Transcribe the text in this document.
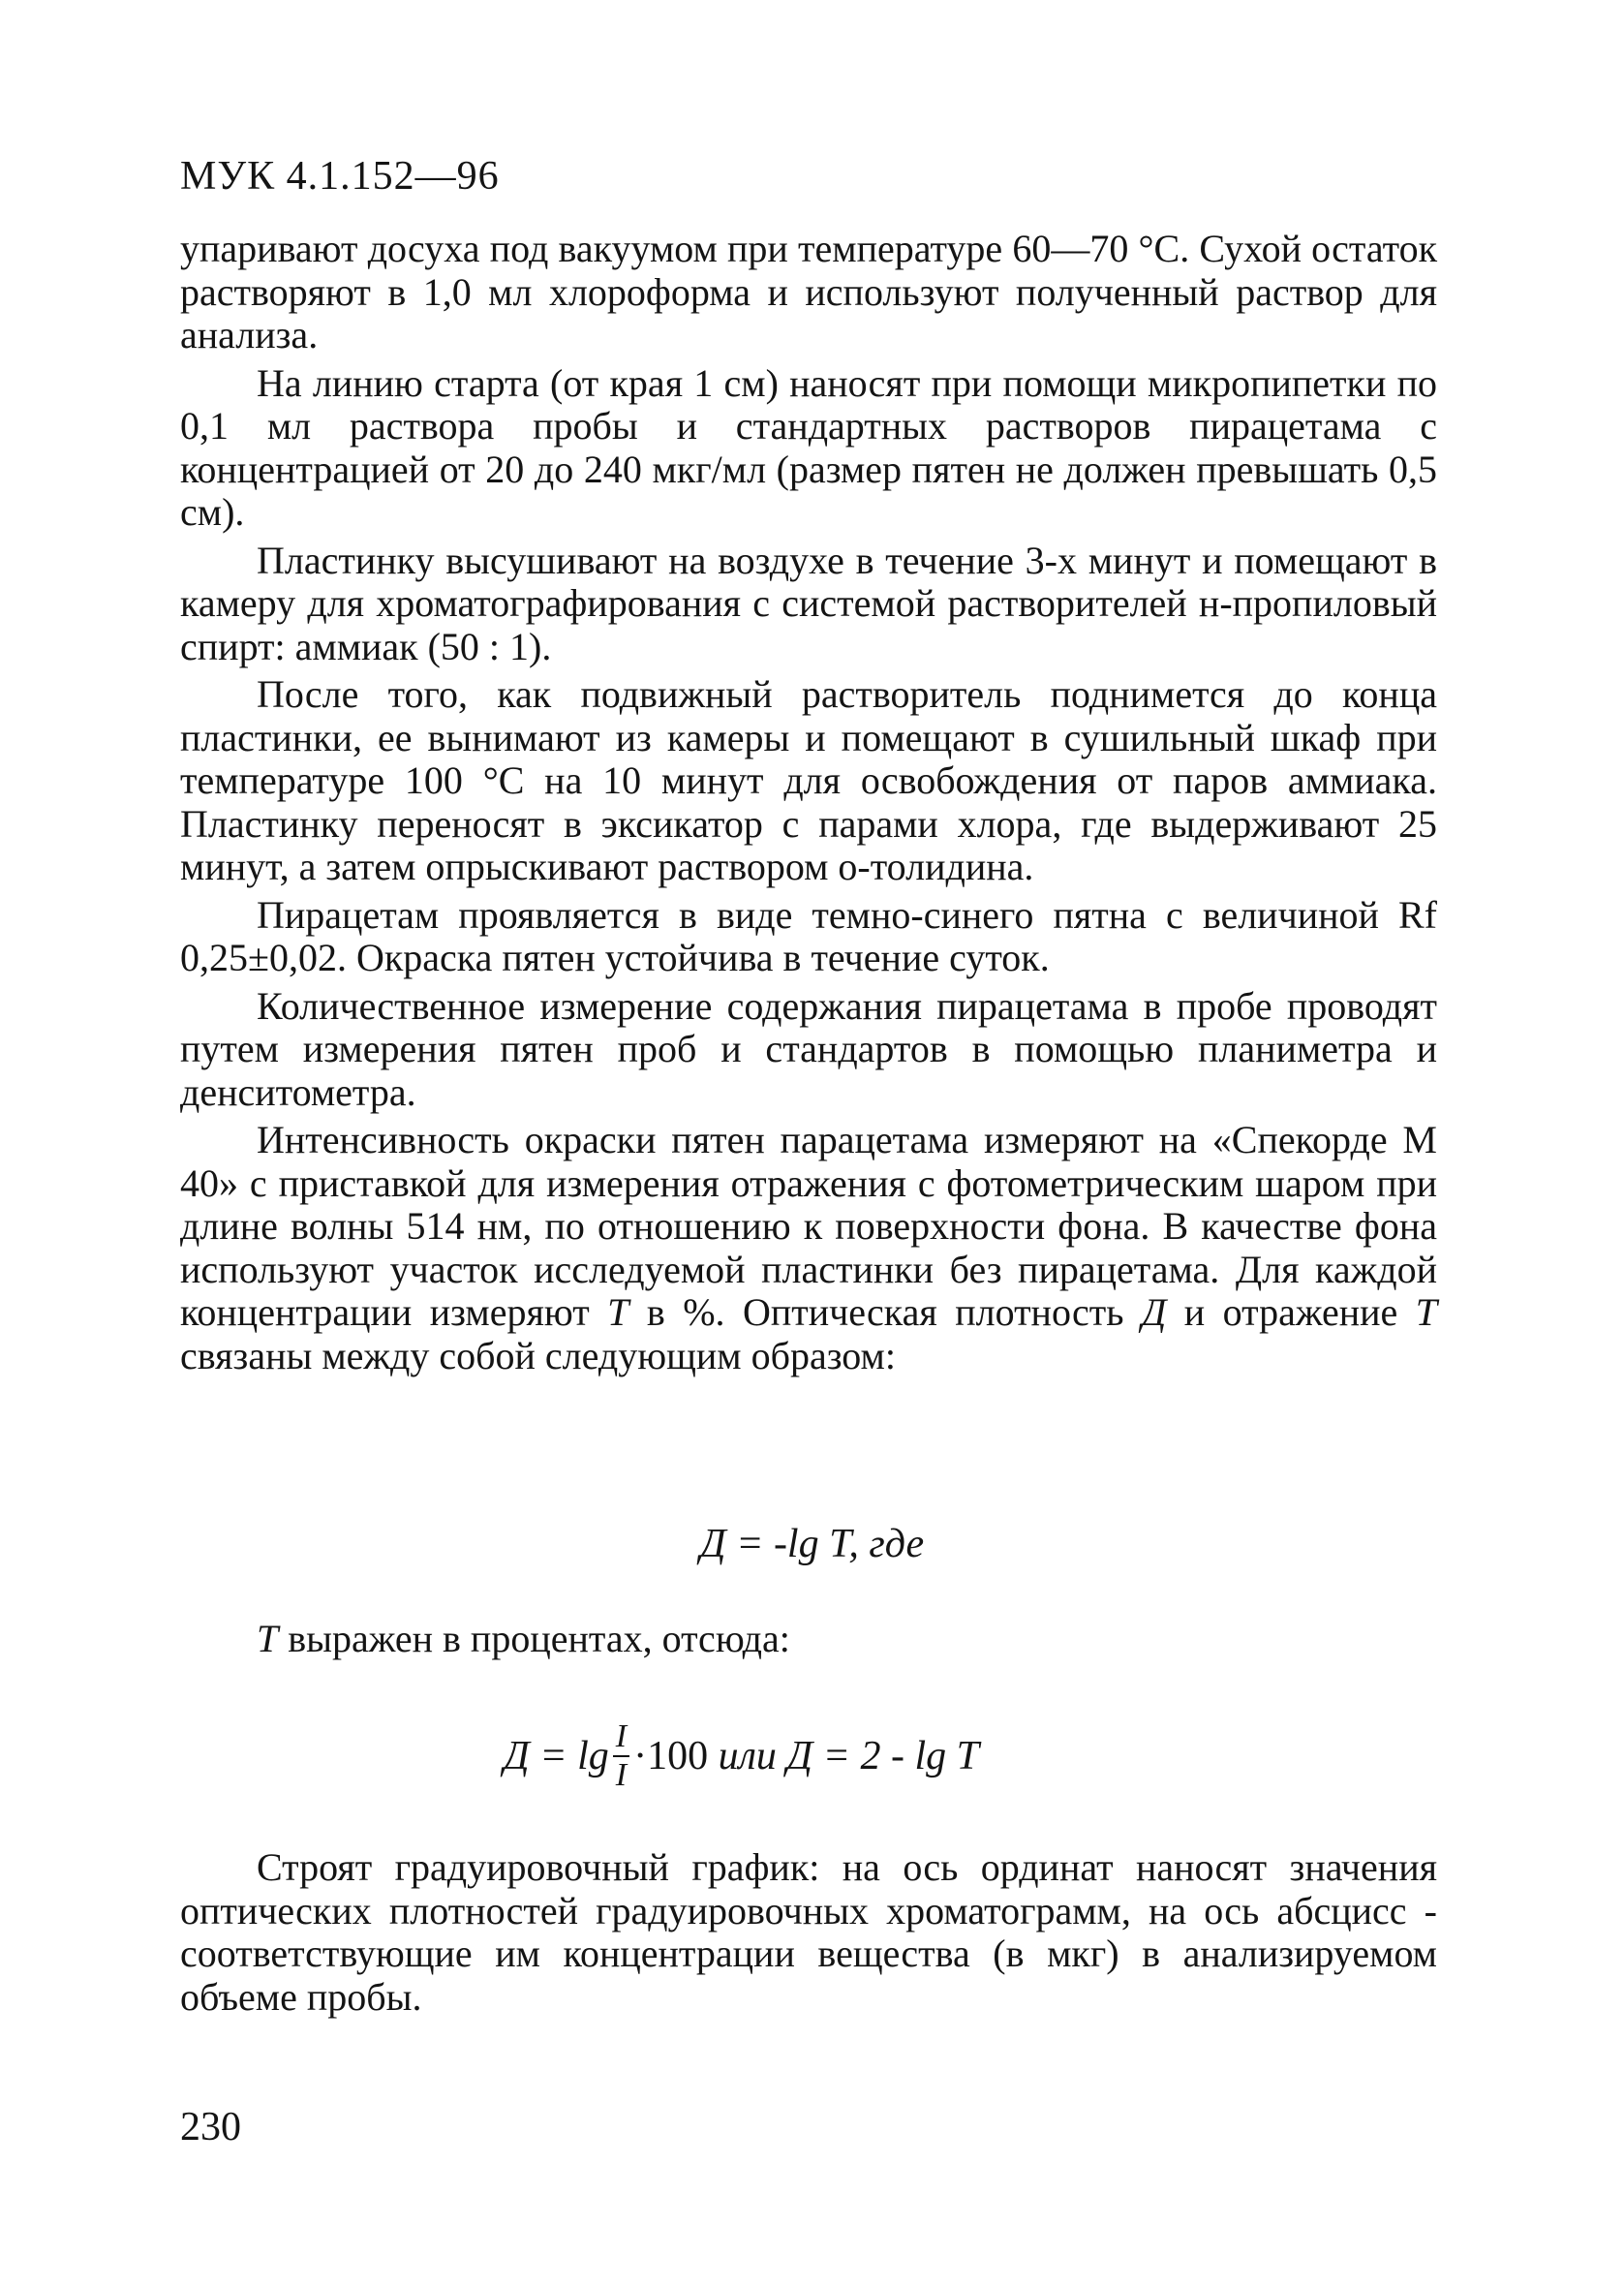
МУК 4.1.152—96

упаривают досуха под вакуумом при температуре 60—70 °С. Сухой остаток растворяют в 1,0 мл хлороформа и используют полученный раствор для анализа.

На линию старта (от края 1 см) наносят при помощи микропипетки по 0,1 мл раствора пробы и стандартных растворов пирацетама с концентрацией от 20 до 240 мкг/мл (размер пятен не должен превышать 0,5 см).

Пластинку высушивают на воздухе в течение 3-х минут и помещают в камеру для хроматографирования с системой растворителей н-пропиловый спирт: аммиак (50 : 1).

После того, как подвижный растворитель поднимется до конца пластинки, ее вынимают из камеры и помещают в сушильный шкаф при температуре 100 °С на 10 минут для освобождения от паров аммиака. Пластинку переносят в эксикатор с парами хлора, где выдерживают 25 минут, а затем опрыскивают раствором о-толидина.

Пирацетам проявляется в виде темно-синего пятна с величиной Rf 0,25±0,02. Окраска пятен устойчива в течение суток.

Количественное измерение содержания пирацетама в пробе проводят путем измерения пятен проб и стандартов в помощью планиметра и денситометра.

Интенсивность окраски пятен парацетама измеряют на «Спекорде М 40» с приставкой для измерения отражения с фотометрическим шаром при длине волны 514 нм, по отношению к поверхности фона. В качестве фона используют участок исследуемой пластинки без пирацетама. Для каждой концентрации измеряют T в %. Оптическая плотность Д и отражение T связаны между собой следующим образом:

Д = -lg T, где
T выражен в процентах, отсюда:
$Д = \lg \frac{I}{I} \cdot 100$ или Д = 2 - lg T

Строят градуировочный график: на ось ординат наносят значения оптических плотностей градуировочных хроматограмм, на ось абсцисс - соответствующие им концентрации вещества (в мкг) в анализируемом объеме пробы.

230
